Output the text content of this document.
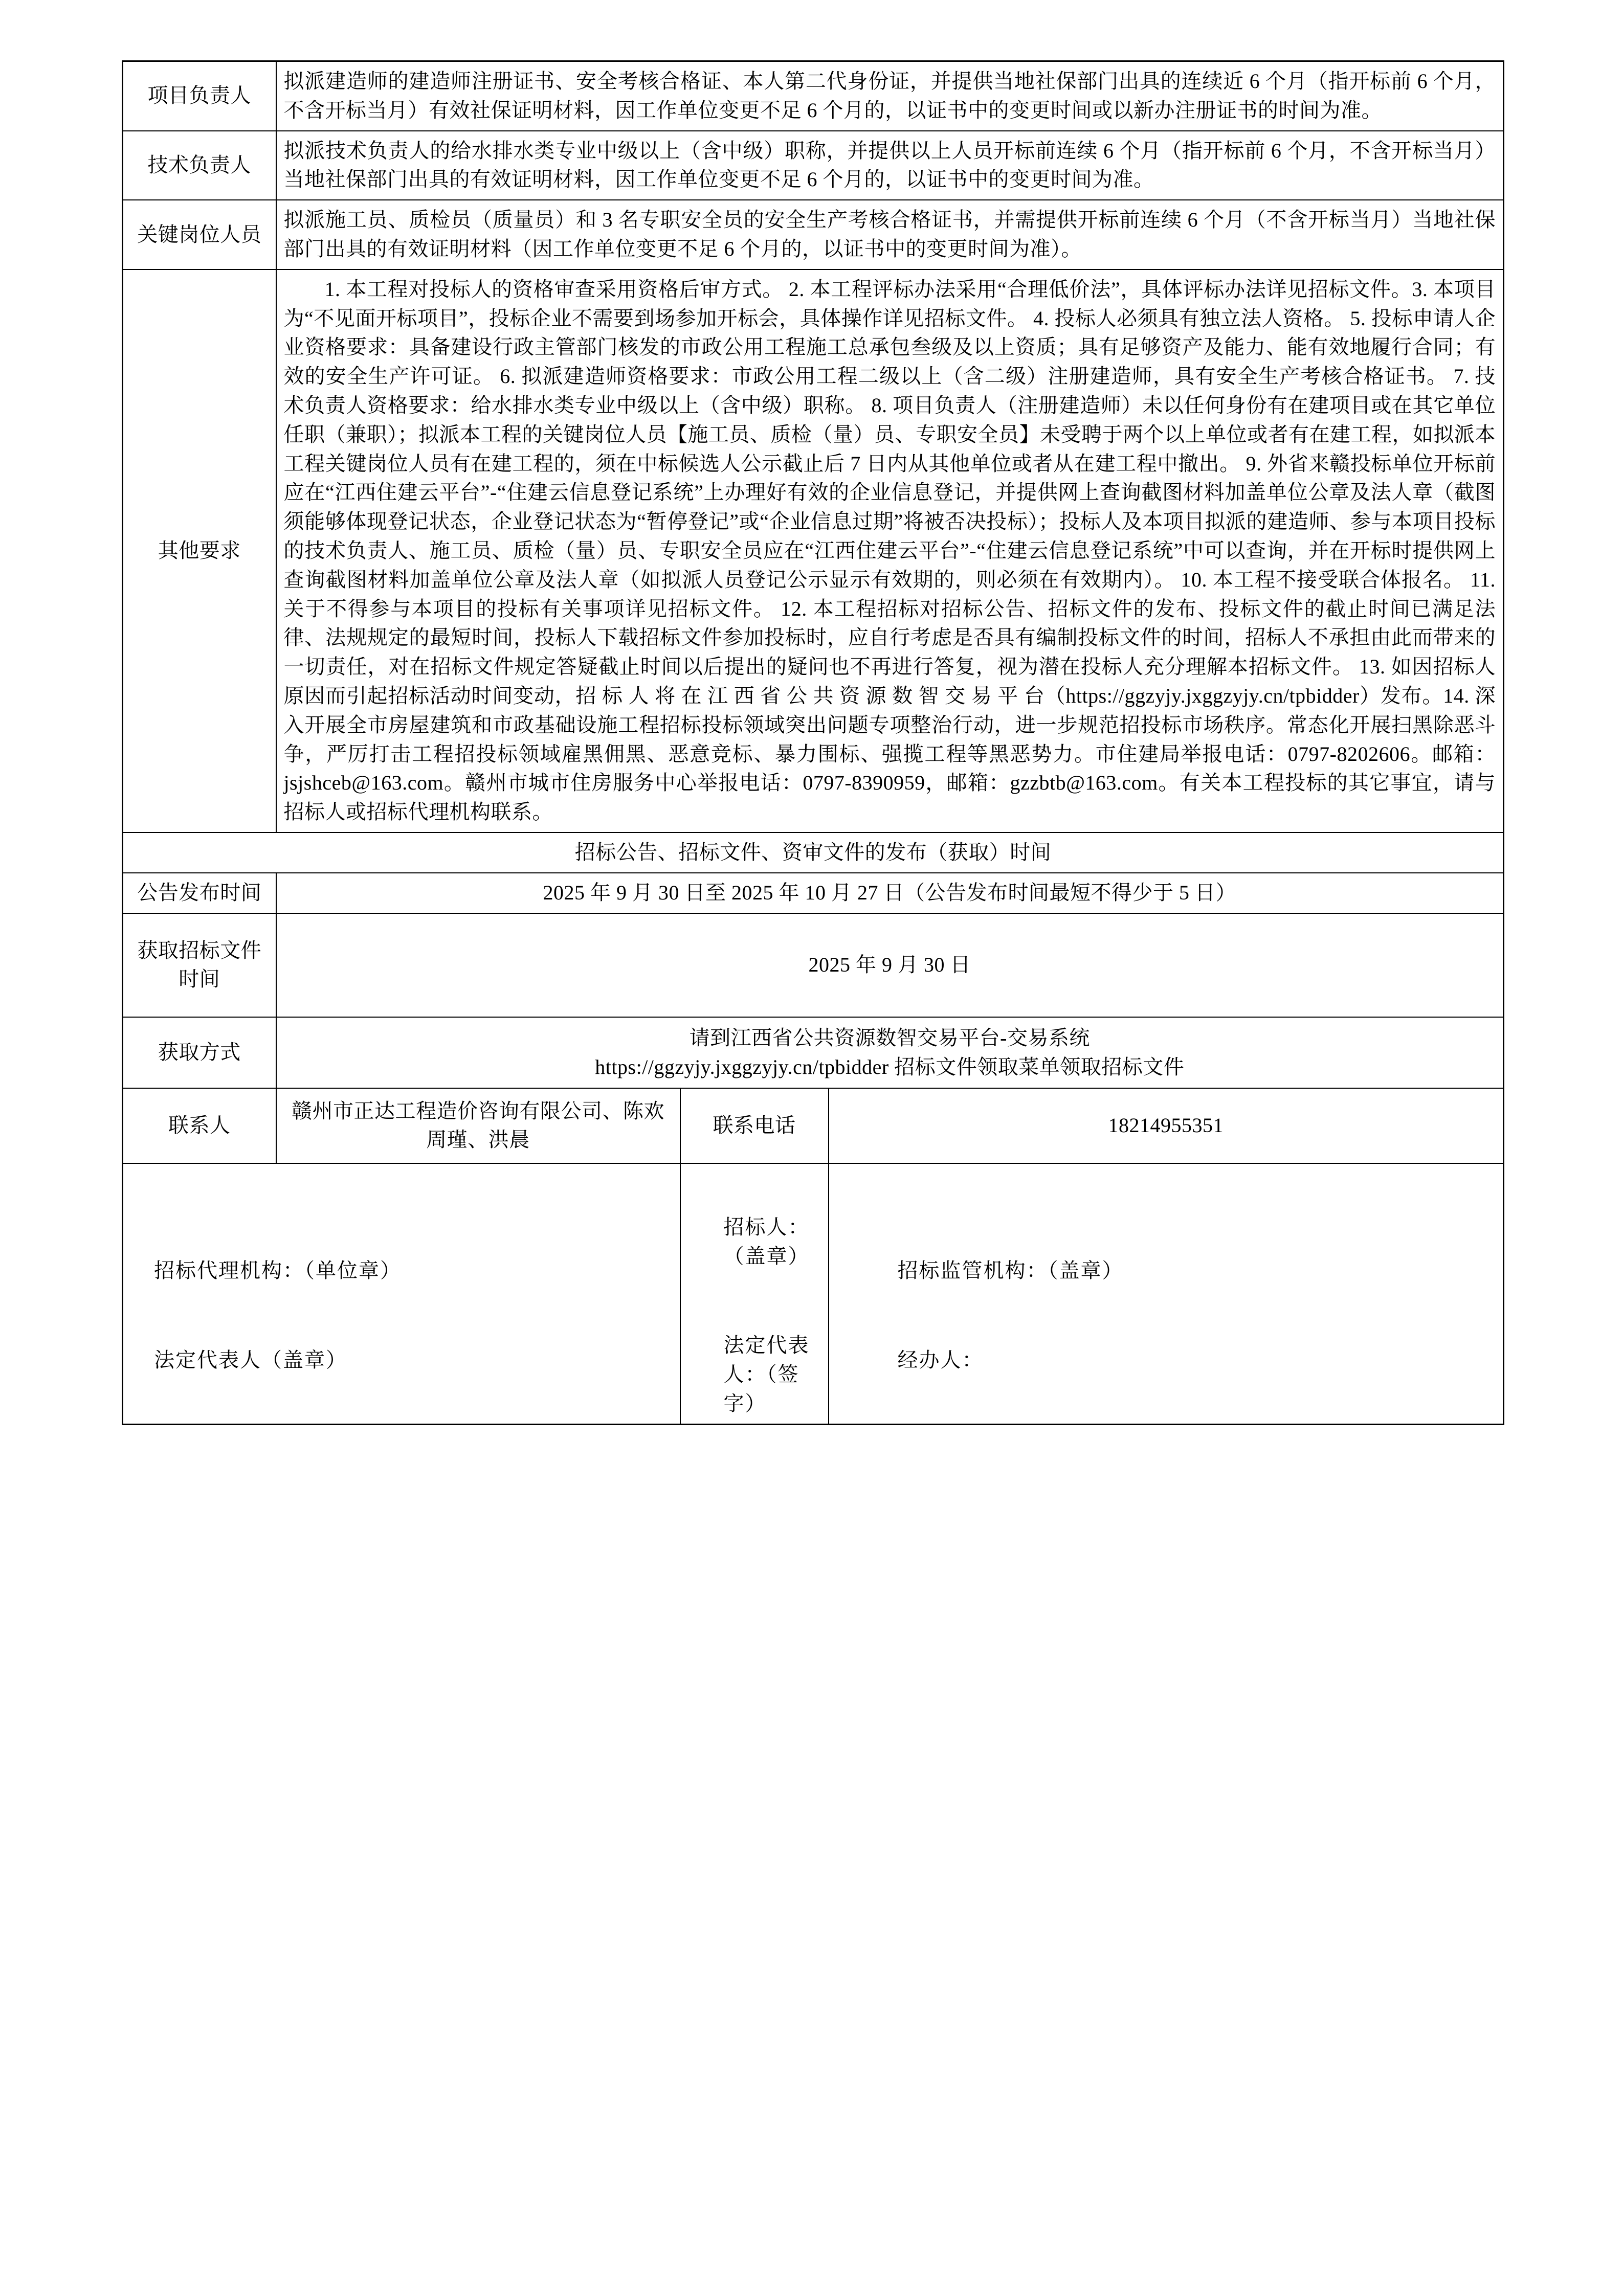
项目负责人	拟派建造师的建造师注册证书、安全考核合格证、本人第二代身份证，并提供当地社保部门出具的连续近 6 个月（指开标前 6 个月，不含开标当月）有效社保证明材料，因工作单位变更不足 6 个月的，以证书中的变更时间或以新办注册证书的时间为准。		
技术负责人	拟派技术负责人的给水排水类专业中级以上（含中级）职称，并提供以上人员开标前连续 6 个月（指开标前 6 个月，不含开标当月）当地社保部门出具的有效证明材料，因工作单位变更不足 6 个月的，以证书中的变更时间为准。		
关键岗位人员	拟派施工员、质检员（质量员）和 3 名专职安全员的安全生产考核合格证书，并需提供开标前连续 6 个月（不含开标当月）当地社保部门出具的有效证明材料（因工作单位变更不足 6 个月的，以证书中的变更时间为准）。		
其他要求	1. 本工程对投标人的资格审查采用资格后审方式。 2. 本工程评标办法采用“合理低价法”，具体评标办法详见招标文件。3. 本项目为“不见面开标项目”，投标企业不需要到场参加开标会，具体操作详见招标文件。 4. 投标人必须具有独立法人资格。 5. 投标申请人企业资格要求：具备建设行政主管部门核发的市政公用工程施工总承包叁级及以上资质；具有足够资产及能力、能有效地履行合同；有效的安全生产许可证。 6. 拟派建造师资格要求：市政公用工程二级以上（含二级）注册建造师，具有安全生产考核合格证书。 7. 技术负责人资格要求：给水排水类专业中级以上（含中级）职称。 8. 项目负责人（注册建造师）未以任何身份有在建项目或在其它单位任职（兼职）；拟派本工程的关键岗位人员【施工员、质检（量）员、专职安全员】未受聘于两个以上单位或者有在建工程，如拟派本工程关键岗位人员有在建工程的，须在中标候选人公示截止后 7 日内从其他单位或者从在建工程中撤出。 9. 外省来赣投标单位开标前应在“江西住建云平台”-“住建云信息登记系统”上办理好有效的企业信息登记，并提供网上查询截图材料加盖单位公章及法人章（截图须能够体现登记状态，企业登记状态为“暂停登记”或“企业信息过期”将被否决投标）；投标人及本项目拟派的建造师、参与本项目投标的技术负责人、施工员、质检（量）员、专职安全员应在“江西住建云平台”-“住建云信息登记系统”中可以查询，并在开标时提供网上查询截图材料加盖单位公章及法人章（如拟派人员登记公示显示有效期的，则必须在有效期内）。 10. 本工程不接受联合体报名。 11. 关于不得参与本项目的投标有关事项详见招标文件。 12. 本工程招标对招标公告、招标文件的发布、投标文件的截止时间已满足法律、法规规定的最短时间，投标人下载招标文件参加投标时，应自行考虑是否具有编制投标文件的时间，招标人不承担由此而带来的一切责任，对在招标文件规定答疑截止时间以后提出的疑问也不再进行答复，视为潜在投标人充分理解本招标文件。 13. 如因招标人原因而引起招标活动时间变动，招 标 人 将 在 江 西 省 公 共 资 源 数 智 交 易 平 台（https://ggzyjy.jxggzyjy.cn/tpbidder）发布。14. 深入开展全市房屋建筑和市政基础设施工程招标投标领域突出问题专项整治行动，进一步规范招投标市场秩序。常态化开展扫黑除恶斗争，严厉打击工程招投标领域雇黑佣黑、恶意竞标、暴力围标、强揽工程等黑恶势力。市住建局举报电话：0797-8202606。邮箱：jsjshceb@163.com。赣州市城市住房服务中心举报电话：0797-8390959，邮箱：gzzbtb@163.com。有关本工程投标的其它事宜，请与招标人或招标代理机构联系。		
招标公告、招标文件、资审文件的发布（获取）时间			
公告发布时间	2025 年 9 月 30 日至 2025 年 10 月 27 日（公告发布时间最短不得少于 5 日）		
获取招标文件时间	2025 年 9 月 30 日		
获取方式	请到江西省公共资源数智交易平台-交易系统
https://ggzyjy.jxggzyjy.cn/tpbidder 招标文件领取菜单领取招标文件		

联系人	赣州市正达工程造价咨询有限公司、陈欢 周瑾、洪晨	联系电话	18214955351

招标代理机构：（单位章）
法定代表人（盖章）

招标人：（盖章）
法定代表人：（签字）

招标监管机构：（盖章）
经办人：
